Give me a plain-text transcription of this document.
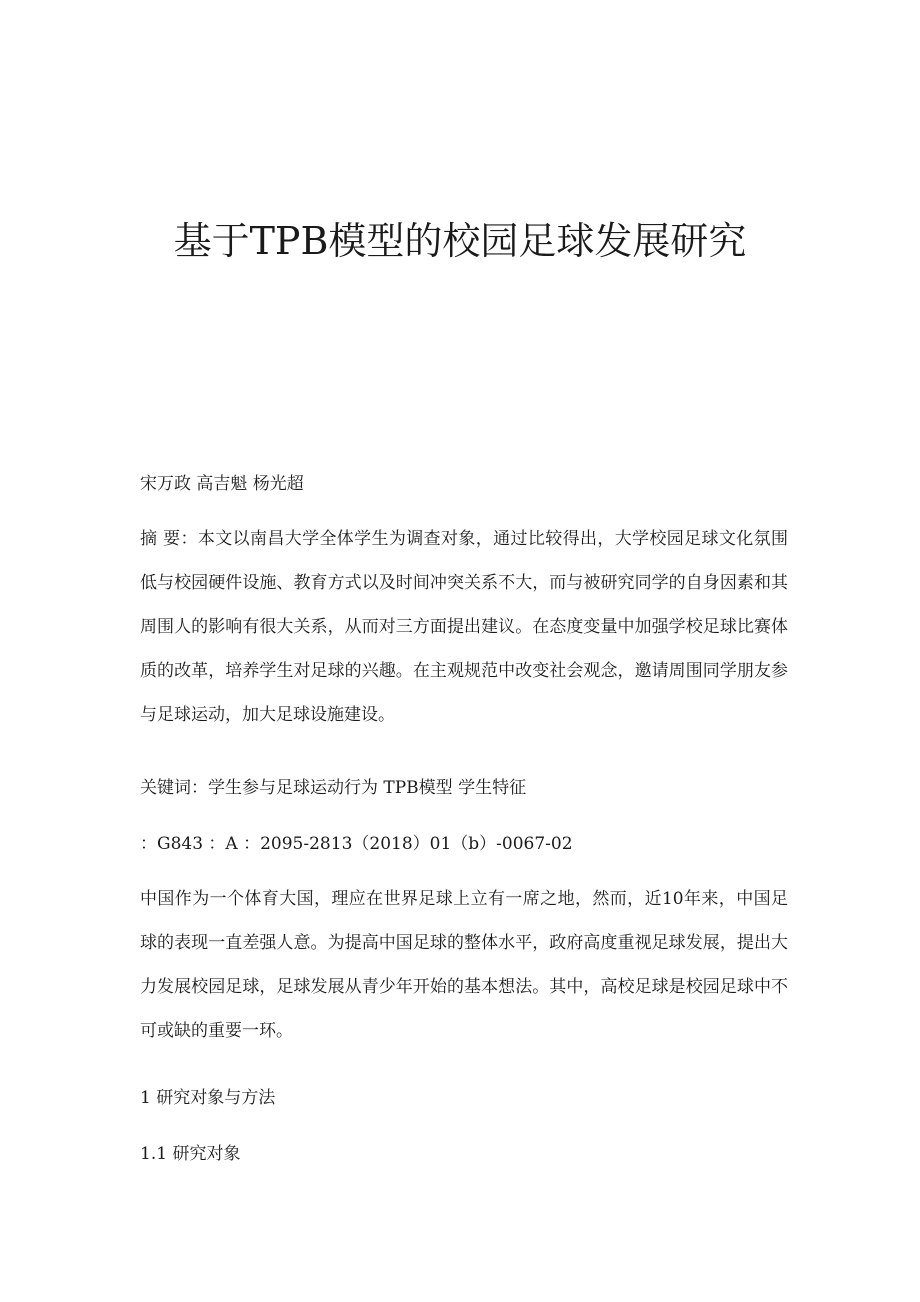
基于TPB模型的校园足球发展研究
宋万政 高吉魁 杨光超

摘 要：本文以南昌大学全体学生为调查对象，通过比较得出，大学校园足球文化氛围低与校园硬件设施、教育方式以及时间冲突关系不大，而与被研究同学的自身因素和其周围人的影响有很大关系，从而对三方面提出建议。在态度变量中加强学校足球比赛体质的改革，培养学生对足球的兴趣。在主观规范中改变社会观念，邀请周围同学朋友参与足球运动，加大足球设施建设。

关键词：学生参与足球运动行为 TPB模型 学生特征
：G843 ：A ：2095-2813（2018）01（b）-0067-02

中国作为一个体育大国，理应在世界足球上立有一席之地，然而，近10年来，中国足球的表现一直差强人意。为提高中国足球的整体水平，政府高度重视足球发展，提出大力发展校园足球，足球发展从青少年开始的基本想法。其中，高校足球是校园足球中不可或缺的重要一环。

1 研究对象与方法
1.1 研究对象
